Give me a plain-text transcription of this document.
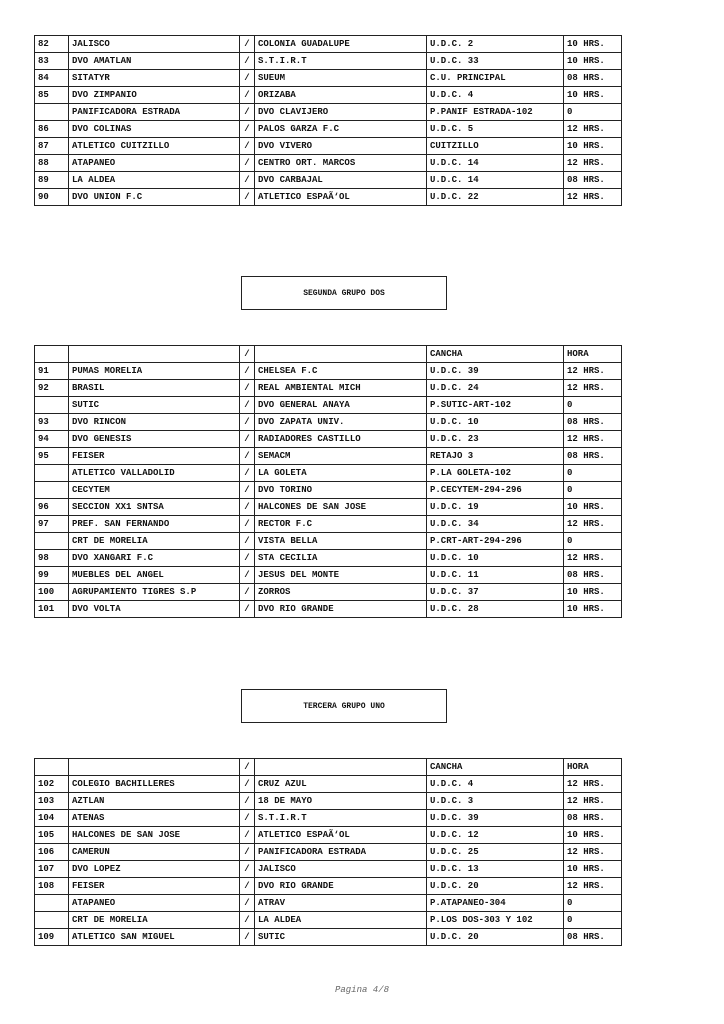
82	JALISCO	/	COLONIA GUADALUPE	U.D.C. 2	10 HRS.
83	DVO AMATLAN	/	S.T.I.R.T	U.D.C. 33	10 HRS.
84	SITATYR	/	SUEUM	C.U. PRINCIPAL	08 HRS.
85	DVO ZIMPANIO	/	ORIZABA	U.D.C. 4	10 HRS.
	PANIFICADORA ESTRADA	/	DVO CLAVIJERO	P.PANIF ESTRADA-102	0
86	DVO COLINAS	/	PALOS GARZA F.C	U.D.C. 5	12 HRS.
87	ATLETICO CUITZILLO	/	DVO VIVERO	CUITZILLO	10 HRS.
88	ATAPANEO	/	CENTRO ORT. MARCOS	U.D.C. 14	12 HRS.
89	LA ALDEA	/	DVO CARBAJAL	U.D.C. 14	08 HRS.
90	DVO UNION F.C	/	ATLETICO ESPAÃ‘OL	U.D.C. 22	12 HRS.
SEGUNDA GRUPO DOS
		/		CANCHA	HORA
91	PUMAS MORELIA	/	CHELSEA F.C	U.D.C. 39	12 HRS.
92	BRASIL	/	REAL AMBIENTAL MICH	U.D.C. 24	12 HRS.
	SUTIC	/	DVO GENERAL ANAYA	P.SUTIC-ART-102	0
93	DVO RINCON	/	DVO ZAPATA UNIV.	U.D.C. 10	08 HRS.
94	DVO GENESIS	/	RADIADORES CASTILLO	U.D.C. 23	12 HRS.
95	FEISER	/	SEMACM	RETAJO 3	08 HRS.
	ATLETICO VALLADOLID	/	LA GOLETA	P.LA GOLETA-102	0
	CECYTEM	/	DVO TORINO	P.CECYTEM-294-296	0
96	SECCION XX1 SNTSA	/	HALCONES DE SAN JOSE	U.D.C. 19	10 HRS.
97	PREF. SAN FERNANDO	/	RECTOR F.C	U.D.C. 34	12 HRS.
	CRT DE MORELIA	/	VISTA BELLA	P.CRT-ART-294-296	0
98	DVO XANGARI F.C	/	STA CECILIA	U.D.C. 10	12 HRS.
99	MUEBLES DEL ANGEL	/	JESUS DEL MONTE	U.D.C. 11	08 HRS.
100	AGRUPAMIENTO TIGRES S.P	/	ZORROS	U.D.C. 37	10 HRS.
101	DVO VOLTA	/	DVO RIO GRANDE	U.D.C. 28	10 HRS.
TERCERA GRUPO UNO
		/		CANCHA	HORA
102	COLEGIO BACHILLERES	/	CRUZ AZUL	U.D.C. 4	12 HRS.
103	AZTLAN	/	18 DE MAYO	U.D.C. 3	12 HRS.
104	ATENAS	/	S.T.I.R.T	U.D.C. 39	08 HRS.
105	HALCONES DE SAN JOSE	/	ATLETICO ESPAÃ‘OL	U.D.C. 12	10 HRS.
106	CAMERUN	/	PANIFICADORA ESTRADA	U.D.C. 25	12 HRS.
107	DVO LOPEZ	/	JALISCO	U.D.C. 13	10 HRS.
108	FEISER	/	DVO RIO GRANDE	U.D.C. 20	12 HRS.
	ATAPANEO	/	ATRAV	P.ATAPANEO-304	0
	CRT DE MORELIA	/	LA ALDEA	P.LOS DOS-303 Y 102	0
109	ATLETICO SAN MIGUEL	/	SUTIC	U.D.C. 20	08 HRS.
Pagina 4/8
